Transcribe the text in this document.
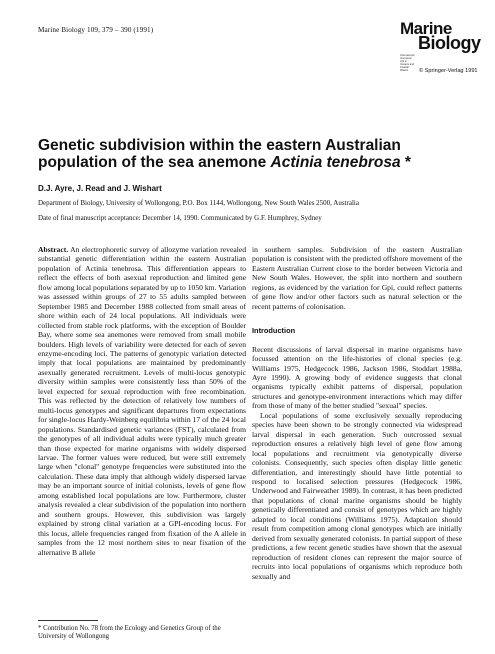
Marine Biology 109, 379 – 390 (1991)	Marine
Biology
International Journal on Life in Oceans and Coastal Waters	© Springer-Verlag 1991
Genetic subdivision within the eastern Australian population of the sea anemone Actinia tenebrosa *
D.J. Ayre, J. Read and J. Wishart
Department of Biology, University of Wollongong, P.O. Box 1144, Wollongong, New South Wales 2500, Australia
Date of final manuscript acceptance: December 14, 1990. Communicated by G.F. Humphrey, Sydney

Abstract. An electrophoretic survey of allozyme variation revealed substantial genetic differentiation within the eastern Australian population of Actinia tenebrosa. This differentiation appears to reflect the effects of both asexual reproduction and limited gene flow among local populations separated by up to 1050 km. Variation was assessed within groups of 27 to 55 adults sampled between September 1985 and December 1988 collected from small areas of shore within each of 24 local populations. All individuals were collected from stable rock platforms, with the exception of Boulder Bay, where some sea anemones were removed from small mobile boulders. High levels of variability were detected for each of seven enzyme-encoding loci. The patterns of genotypic variation detected imply that local populations are maintained by predominantly asexually generated recruitment. Levels of multi-locus genotypic diversity within samples were consistently less than 50% of the level expected for sexual reproduction with free recombination. This was reflected by the detection of relatively low numbers of multi-locus genotypes and significant departures from expectations for single-locus Hardy-Weinberg equilibria within 17 of the 24 local populations. Standardised genetic variances (FST), calculated from the genotypes of all individual adults were typically much greater than those expected for marine organisms with widely dispersed larvae. The former values were reduced, but were still extremely large when "clonal" genotype frequencies were substituted into the calculation. These data imply that although widely dispersed larvae may be an important source of initial colonists, levels of gene flow among established local populations are low. Furthermore, cluster analysis revealed a clear subdivision of the population into northern and southern groups. However, this subdivision was largely explained by strong clinal variation at a GPI-encoding locus. For this locus, allele frequencies ranged from fixation of the A allele in samples from the 12 most northern sites to near fixation of the alternative B allele

in southern samples. Subdivision of the eastern Australian population is consistent with the predicted offshore movement of the Eastern Australian Current close to the border between Victoria and New South Wales. However, the split into northern and southern regions, as evidenced by the variation for Gpi, could reflect patterns of gene flow and/or other factors such as natural selection or the recent patterns of colonisation.

Introduction

Recent discussions of larval dispersal in marine organisms have focussed attention on the life-histories of clonal species (e.g. Williams 1975, Hedgecock 1986, Jackson 1986, Stoddart 1988a, Ayre 1990). A growing body of evidence suggests that clonal organisms typically exhibit patterns of dispersal, population structures and genotype-environment interactions which may differ from those of many of the better studied "sexual" species.

Local populations of some exclusively sexually reproducing species have been shown to be strongly connected via widespread larval dispersal in each generation. Such outcrossed sexual reproduction ensures a relatively high level of gene flow among local populations and recruitment via genotypically diverse colonists. Consequently, such species often display little genetic differentiation, and interestingly should have little potential to respond to localised selection pressures (Hedgecock 1986, Underwood and Fairweather 1989). In contrast, it has been predicted that populations of clonal marine organisms should be highly genetically differentiated and consist of genotypes which are highly adapted to local conditions (Williams 1975). Adaptation should result from competition among clonal genotypes which are initially derived from sexually generated colonists. In partial support of these predictions, a few recent genetic studies have shown that the asexual reproduction of resident clones can represent the major source of recruits into local populations of organisms which reproduce both sexually and

* Contribution No. 78 from the Ecology and Genetics Group of the University of Wollongong
